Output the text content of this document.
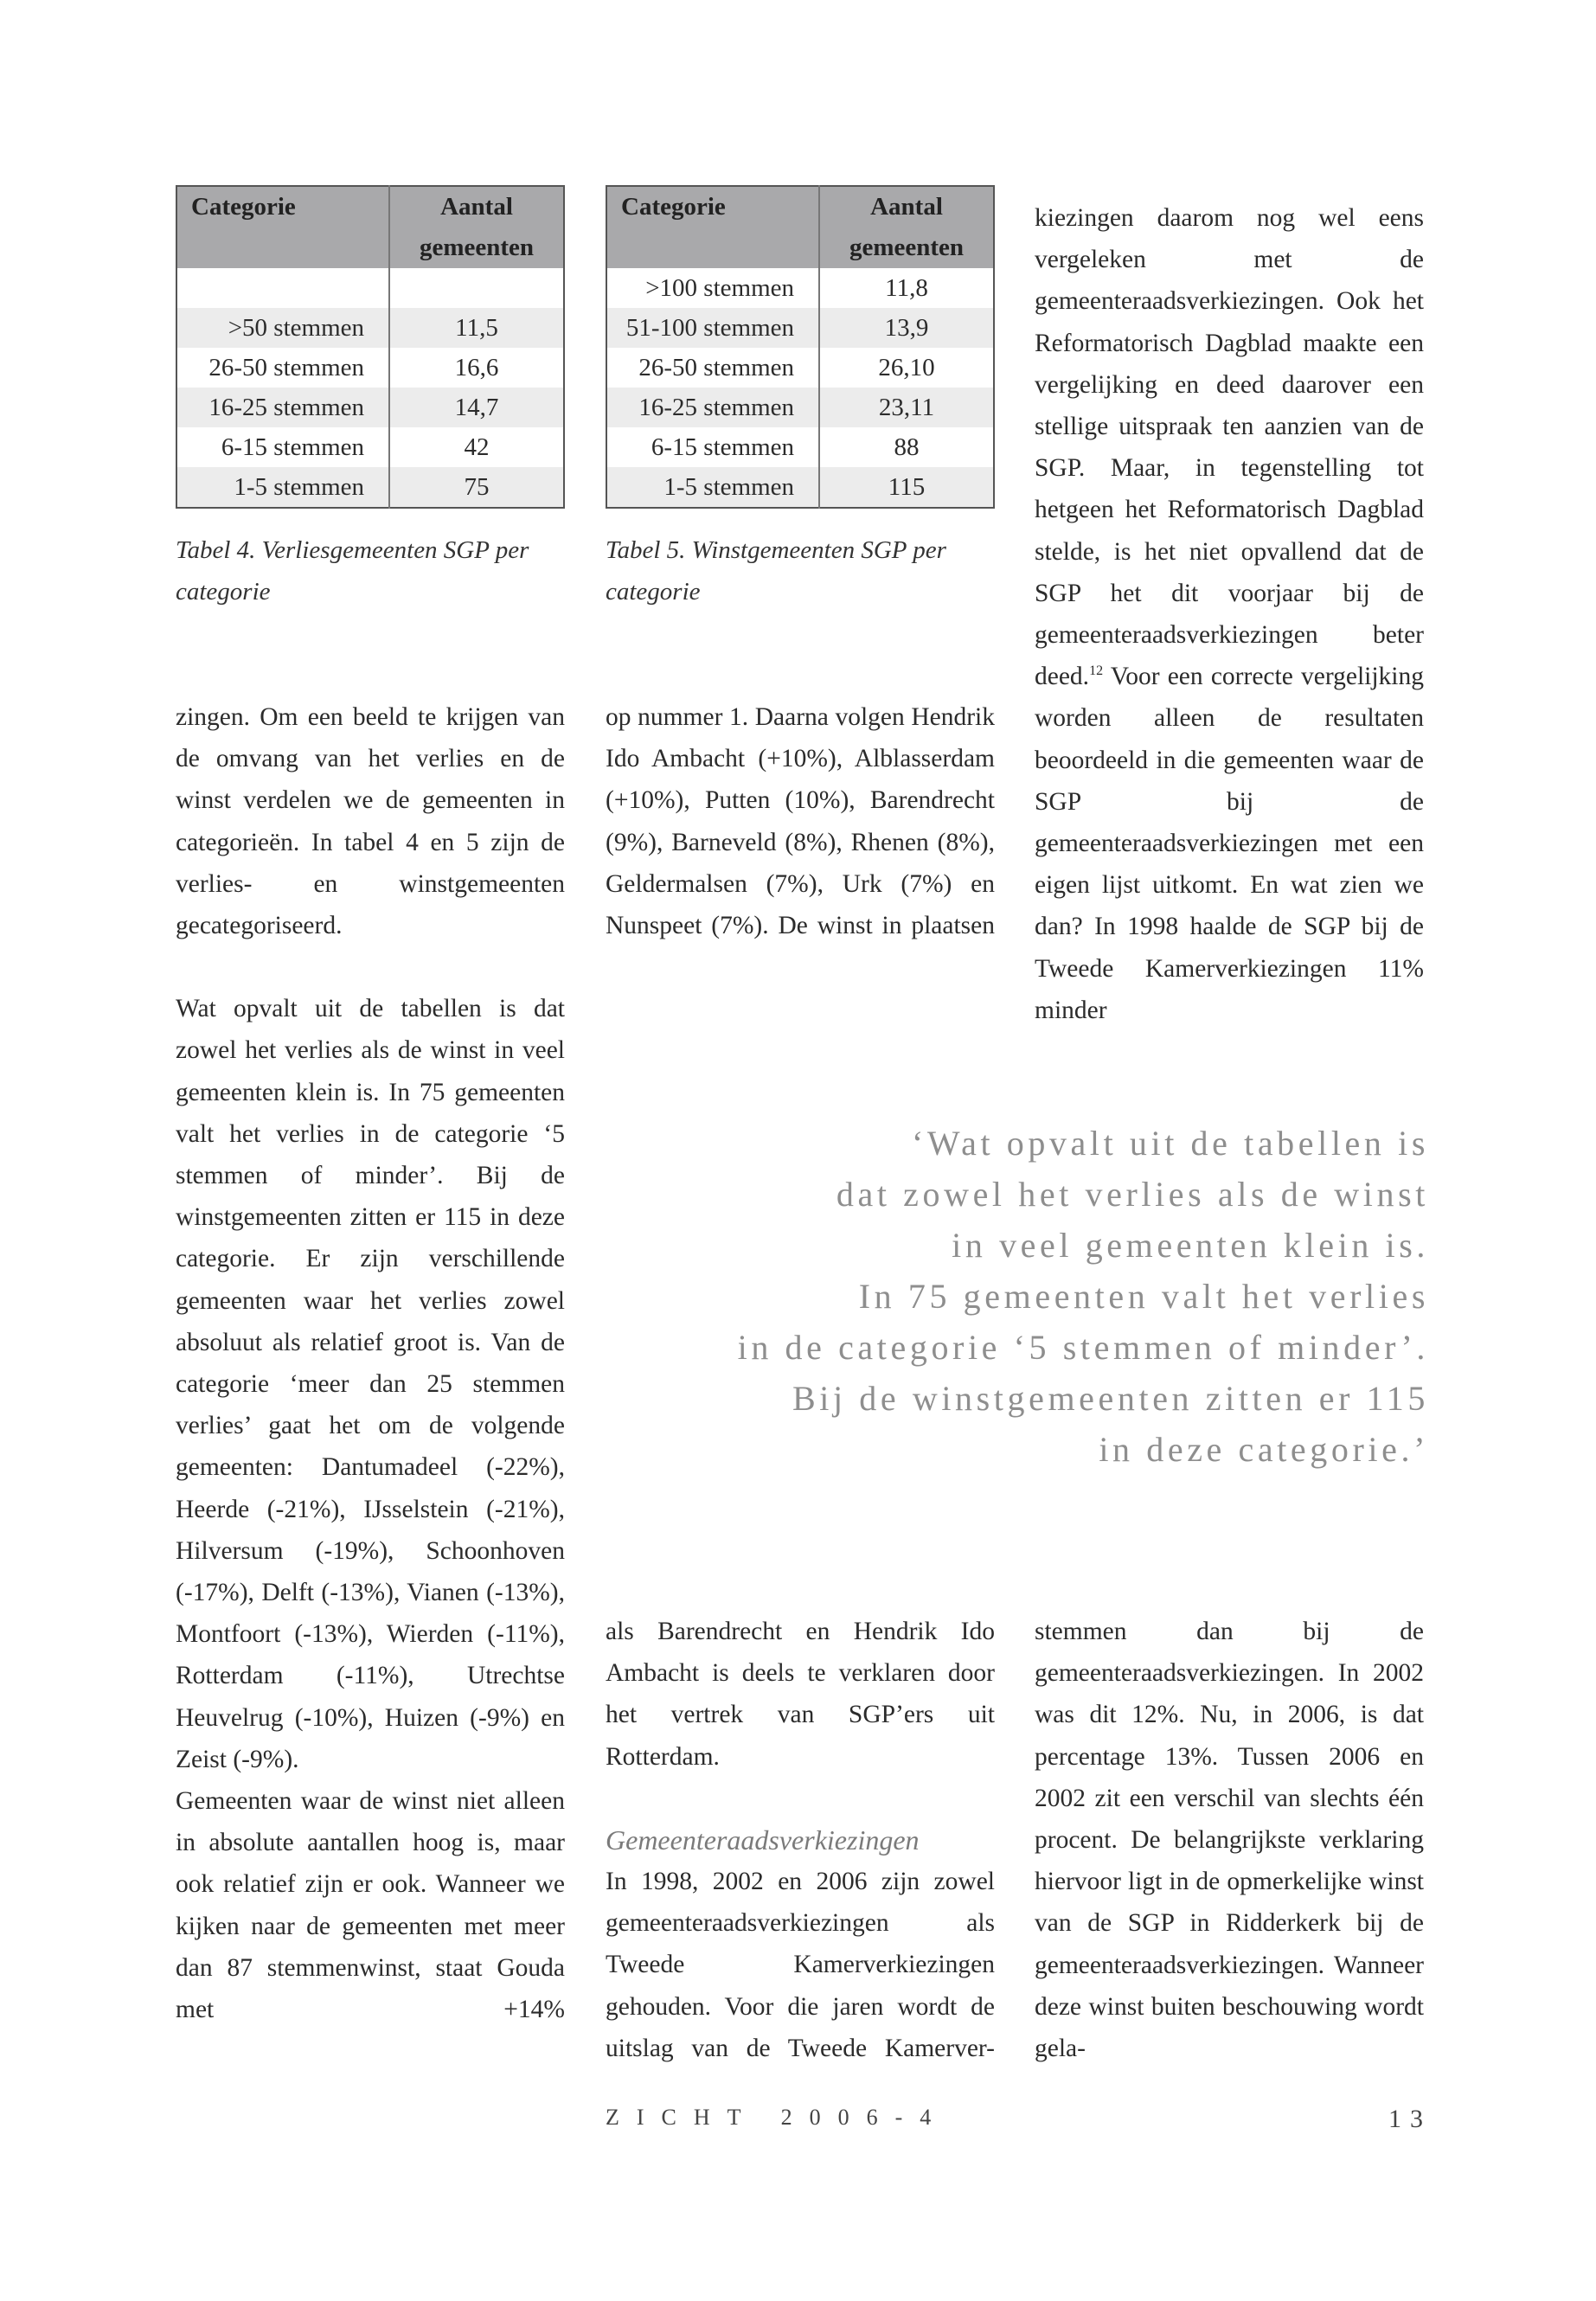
Categorie	Aantal
	gemeenten

>50 stemmen	11,5
26-50 stemmen	16,6
16-25 stemmen	14,7
6-15 stemmen	42
1-5 stemmen	75
Tabel 4. Verliesgemeenten SGP per
categorie
Categorie	Aantal
	gemeenten
>100 stemmen	11,8
51-100 stemmen	13,9
26-50 stemmen	26,10
16-25 stemmen	23,11
6-15 stemmen	88
1-5 stemmen	115
Tabel 5. Winstgemeenten SGP per
categorie

zingen. Om een beeld te krijgen van de omvang van het verlies en de winst verdelen we de gemeenten in categorieën. In tabel 4 en 5 zijn de verlies- en winstgemeenten gecategoriseerd.

Wat opvalt uit de tabellen is dat zowel het verlies als de winst in veel gemeenten klein is. In 75 gemeenten valt het verlies in de categorie ‘5 stemmen of minder’. Bij de winstgemeenten zitten er 115 in deze categorie. Er zijn verschillende gemeenten waar het verlies zowel absoluut als relatief groot is. Van de categorie ‘meer dan 25 stemmen verlies’ gaat het om de volgende gemeenten: Dantumadeel (-22%), Heerde (-21%), IJsselstein (-21%), Hilversum (-19%), Schoonhoven (-17%), Delft (-13%), Vianen (-13%), Montfoort (-13%), Wierden (-11%), Rotterdam (-11%), Utrechtse Heuvelrug (-10%), Huizen (-9%) en Zeist (-9%).

Gemeenten waar de winst niet alleen in absolute aantallen hoog is, maar ook relatief zijn er ook. Wanneer we kijken naar de gemeenten met meer dan 87 stemmenwinst, staat Gouda met +14%

op nummer 1. Daarna volgen Hendrik Ido Ambacht (+10%), Alblasserdam (+10%), Putten (10%), Barendrecht (9%), Barneveld (8%), Rhenen (8%), Geldermalsen (7%), Urk (7%) en Nunspeet (7%). De winst in plaatsen

kiezingen daarom nog wel eens vergeleken met de gemeenteraadsverkiezingen. Ook het Reformatorisch Dagblad maakte een vergelijking en deed daarover een stellige uitspraak ten aanzien van de SGP. Maar, in tegenstelling tot hetgeen het Reformatorisch Dagblad stelde, is het niet opvallend dat de SGP het dit voorjaar bij de gemeenteraadsverkiezingen beter deed.$^{12}$ Voor een correcte vergelijking worden alleen de resultaten beoordeeld in die gemeenten waar de SGP bij de gemeenteraadsverkiezingen met een eigen lijst uitkomt. En wat zien we dan? In 1998 haalde de SGP bij de Tweede Kamerverkiezingen 11% minder

‘Wat opvalt uit de tabellen is
dat zowel het verlies als de winst
in veel gemeenten klein is.
In 75 gemeenten valt het verlies
in de categorie ‘5 stemmen of minder’.
Bij de winstgemeenten zitten er 115
in deze categorie.’

als Barendrecht en Hendrik Ido Ambacht is deels te verklaren door het vertrek van SGP’ers uit Rotterdam.

Gemeenteraadsverkiezingen

In 1998, 2002 en 2006 zijn zowel gemeenteraadsverkiezingen als Tweede Kamerverkiezingen gehouden. Voor die jaren wordt de uitslag van de Tweede Kamerver-

stemmen dan bij de gemeenteraadsverkiezingen. In 2002 was dit 12%. Nu, in 2006, is dat percentage 13%. Tussen 2006 en 2002 zit een verschil van slechts één procent. De belangrijkste verklaring hiervoor ligt in de opmerkelijke winst van de SGP in Ridderkerk bij de gemeenteraadsverkiezingen. Wanneer deze winst buiten beschouwing wordt gela-

ZICHT 2006-4	13
